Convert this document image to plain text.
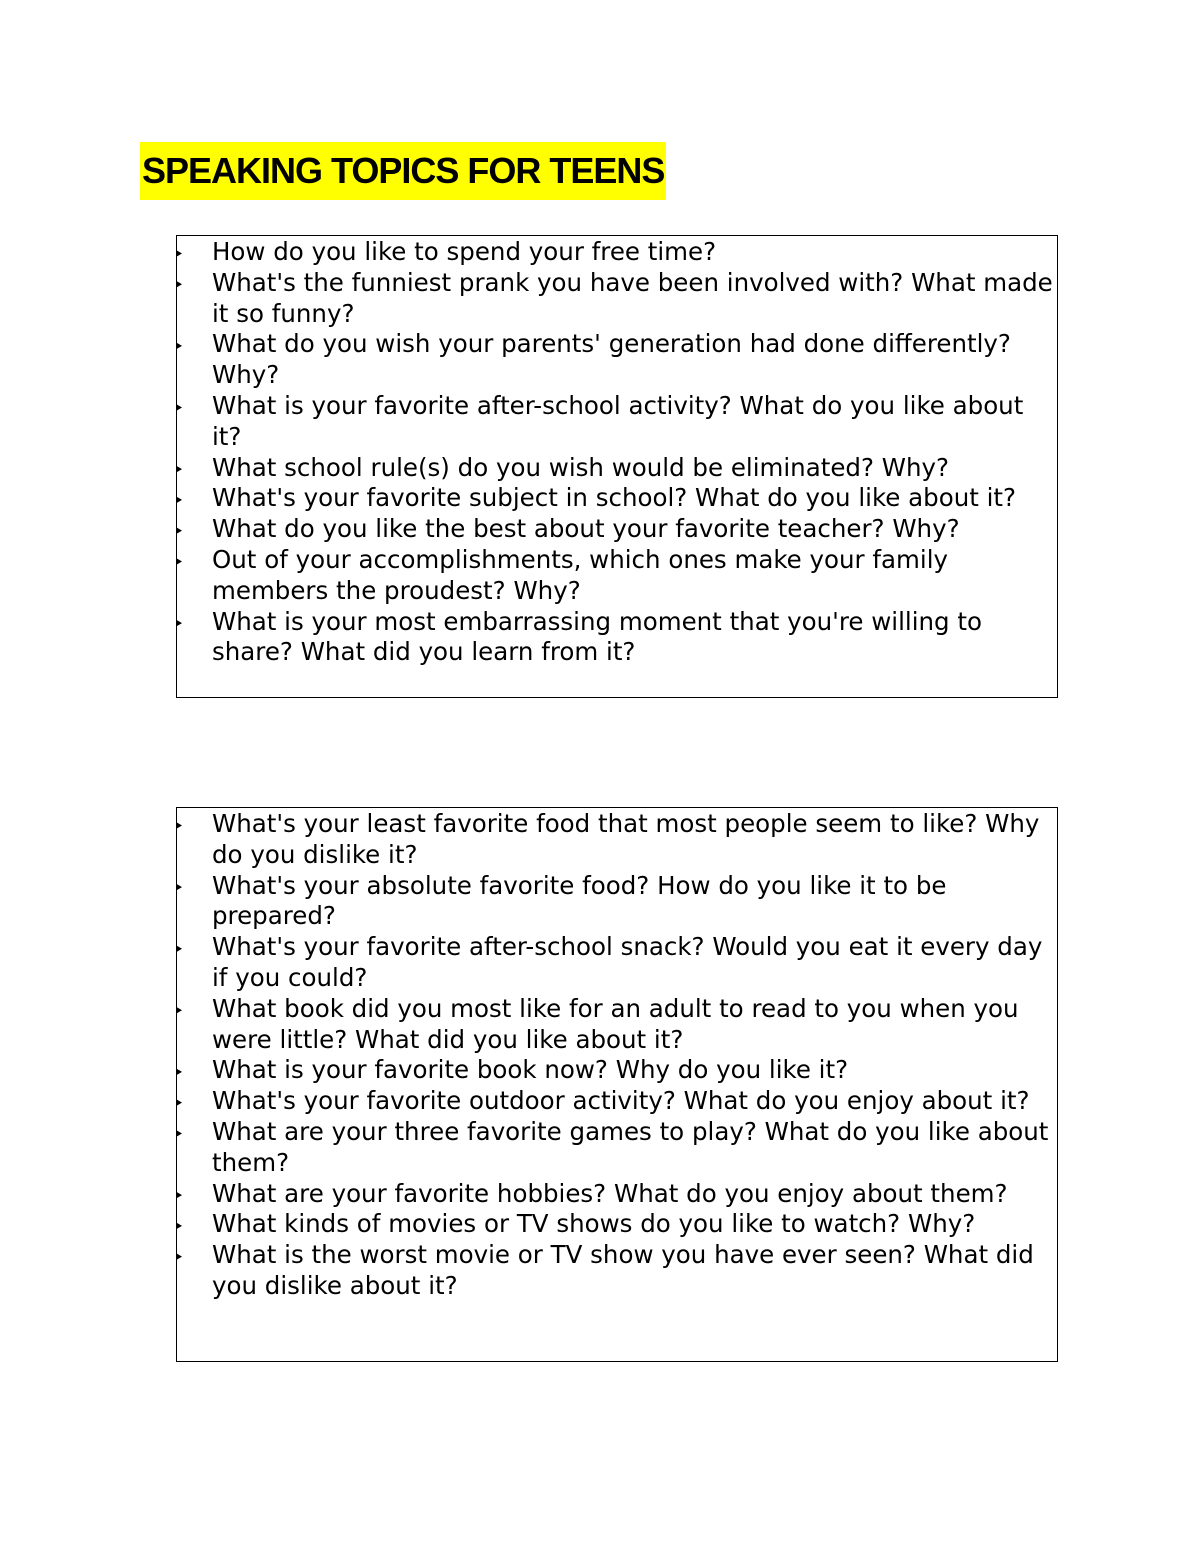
SPEAKING TOPICS FOR TEENS
How do you like to spend your free time?
What's the funniest prank you have been involved with? What made it so funny?
What do you wish your parents' generation had done differently? Why?
What is your favorite after-school activity? What do you like about it?
What school rule(s) do you wish would be eliminated? Why?
What's your favorite subject in school? What do you like about it?
What do you like the best about your favorite teacher? Why?
Out of your accomplishments, which ones make your family members the proudest? Why?
What is your most embarrassing moment that you're willing to share? What did you learn from it?
What's your least favorite food that most people seem to like? Why do you dislike it?
What's your absolute favorite food? How do you like it to be prepared?
What's your favorite after-school snack? Would you eat it every day if you could?
What book did you most like for an adult to read to you when you were little? What did you like about it?
What is your favorite book now? Why do you like it?
What's your favorite outdoor activity? What do you enjoy about it?
What are your three favorite games to play? What do you like about them?
What are your favorite hobbies? What do you enjoy about them?
What kinds of movies or TV shows do you like to watch? Why?
What is the worst movie or TV show you have ever seen? What did you dislike about it?
